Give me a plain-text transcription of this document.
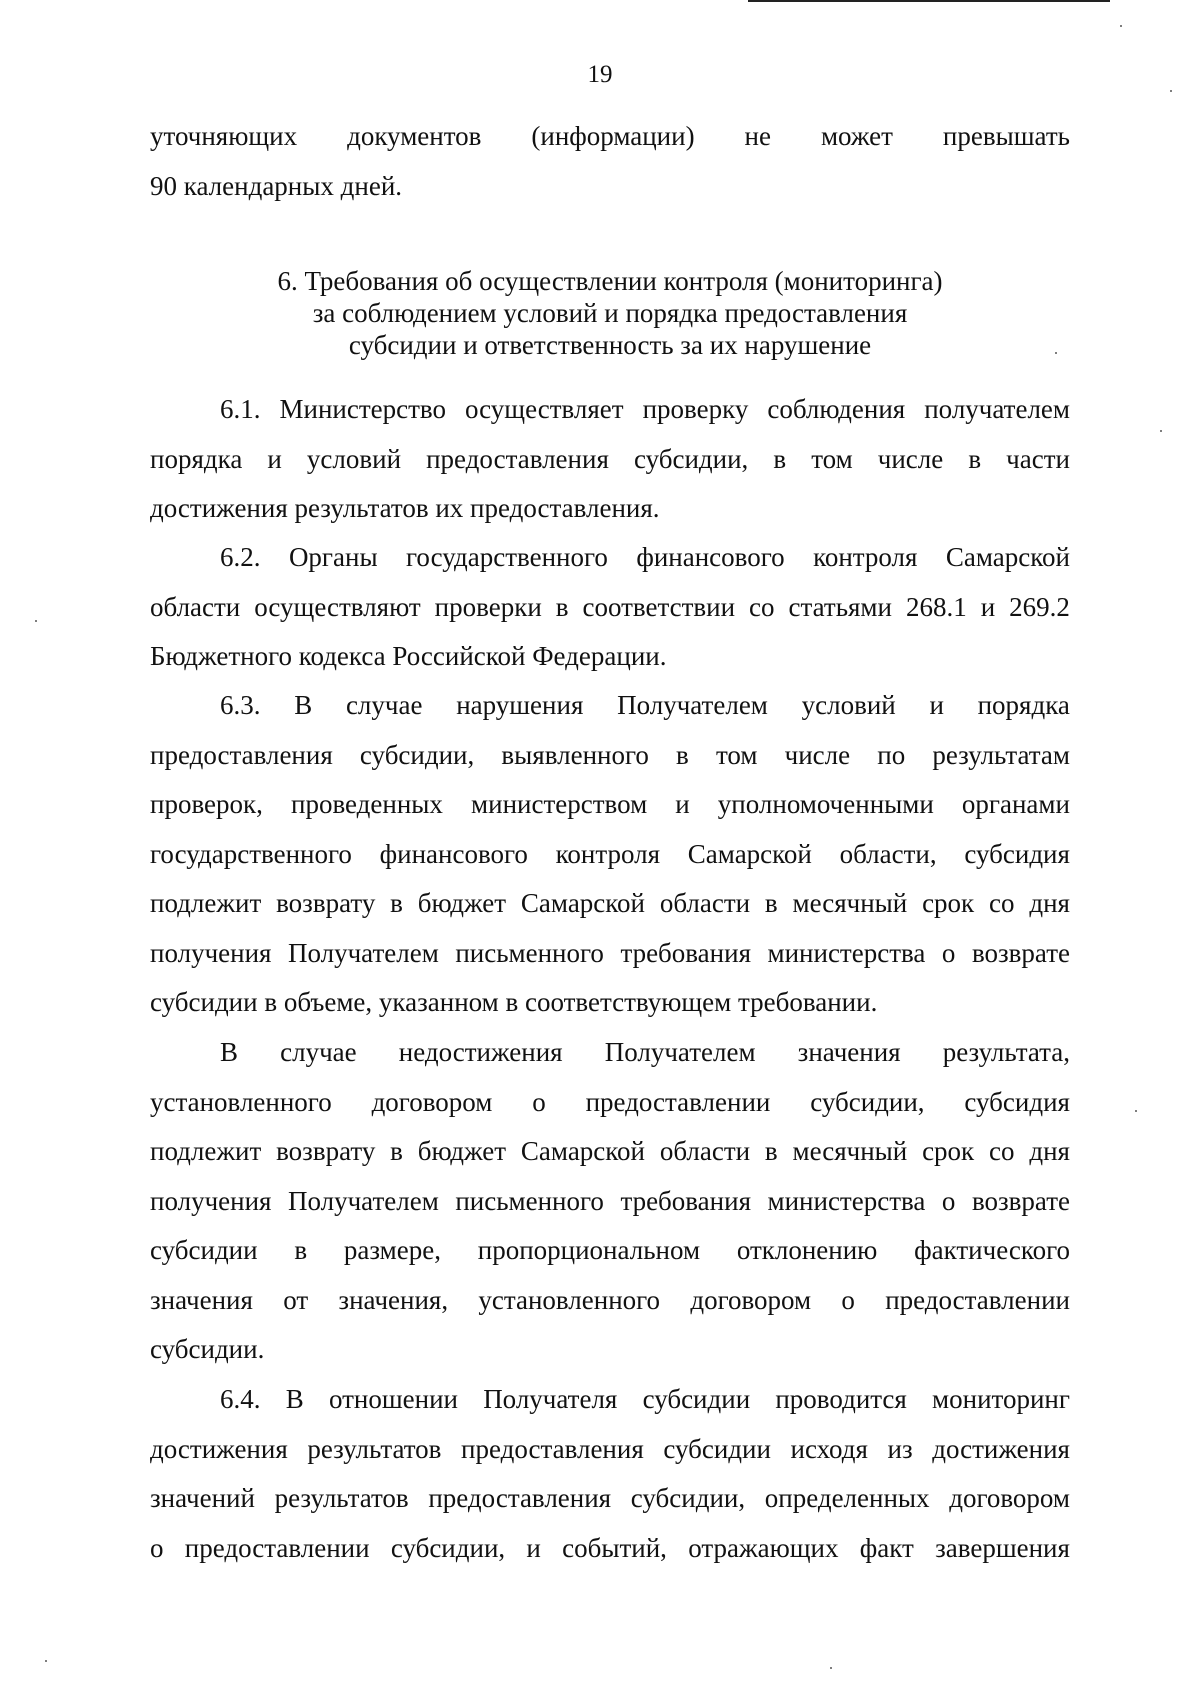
19
уточняющих документов (информации) не может превышать
90 календарных дней.
6. Требования об осуществлении контроля (мониторинга)
за соблюдением условий и порядка предоставления
субсидии и ответственность за их нарушение
6.1. Министерство осуществляет проверку соблюдения получателем
порядка и условий предоставления субсидии, в том числе в части
достижения результатов их предоставления.
6.2. Органы государственного финансового контроля Самарской
области осуществляют проверки в соответствии со статьями 268.1 и 269.2
Бюджетного кодекса Российской Федерации.
6.3. В случае нарушения Получателем условий и порядка
предоставления субсидии, выявленного в том числе по результатам
проверок, проведенных министерством и уполномоченными органами
государственного финансового контроля Самарской области, субсидия
подлежит возврату в бюджет Самарской области в месячный срок со дня
получения Получателем письменного требования министерства о возврате
субсидии в объеме, указанном в соответствующем требовании.
В случае недостижения Получателем значения результата,
установленного договором о предоставлении субсидии, субсидия
подлежит возврату в бюджет Самарской области в месячный срок со дня
получения Получателем письменного требования министерства о возврате
субсидии в размере, пропорциональном отклонению фактического
значения от значения, установленного договором о предоставлении
субсидии.
6.4. В отношении Получателя субсидии проводится мониторинг
достижения результатов предоставления субсидии исходя из достижения
значений результатов предоставления субсидии, определенных договором
о предоставлении субсидии, и событий, отражающих факт завершения
